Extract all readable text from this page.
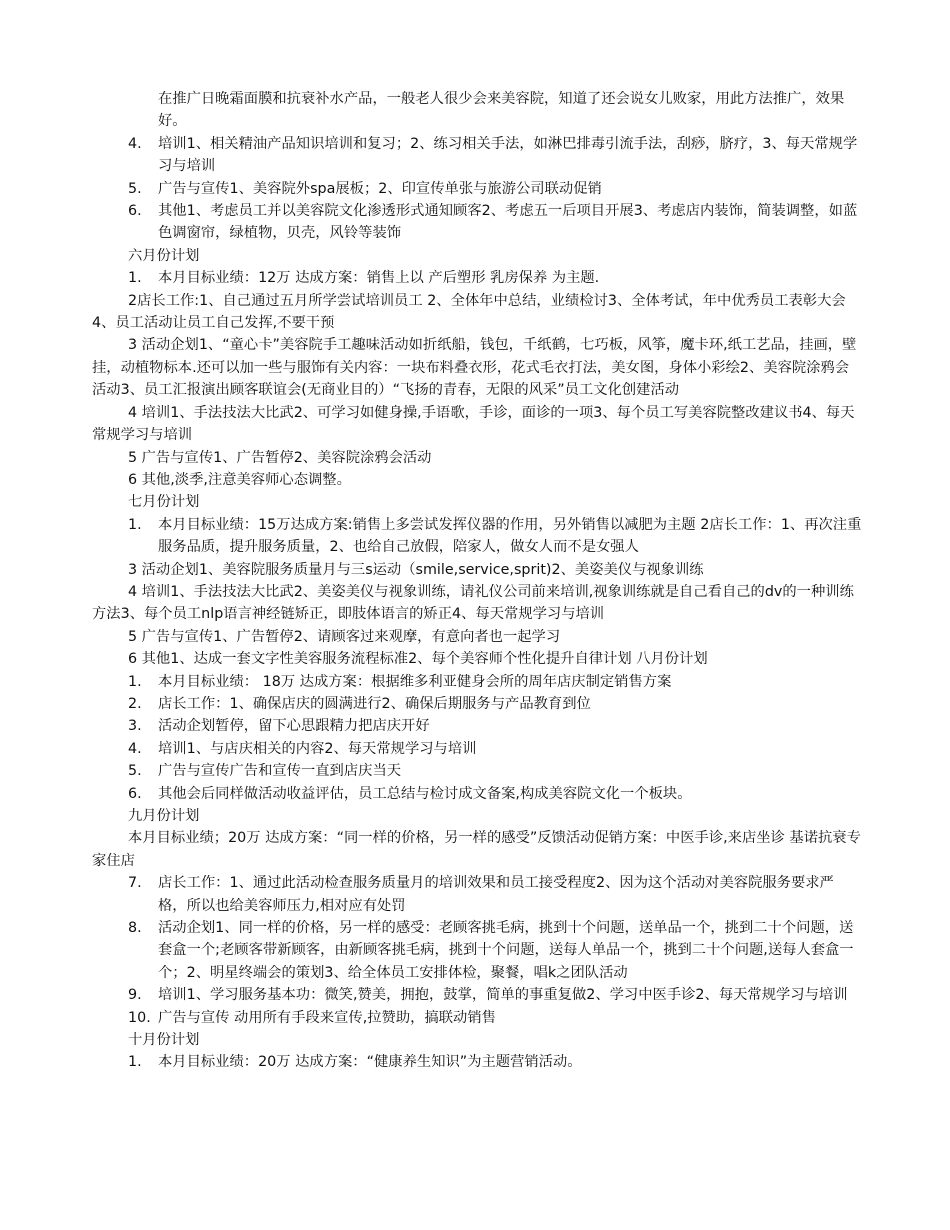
在推广日晚霜面膜和抗衰补水产品，一般老人很少会来美容院，知道了还会说女儿败家，用此方法推广，效果好。

4. 培训1、相关精油产品知识培训和复习；2、练习相关手法，如淋巴排毒引流手法，刮痧，脐疗，3、每天常规学习与培训

5. 广告与宣传1、美容院外spa展板；2、印宣传单张与旅游公司联动促销

6. 其他1、考虑员工并以美容院文化渗透形式通知顾客2、考虑五一后项目开展3、考虑店内装饰，简装调整，如蓝色调窗帘，绿植物，贝壳，风铃等装饰

六月份计划

1. 本月目标业绩：12万 达成方案：销售上以 产后塑形 乳房保养 为主题.

2店长工作:1、自己通过五月所学尝试培训员工 2、全体年中总结，业绩检讨3、全体考试，年中优秀员工表彰大会4、员工活动让员工自己发挥,不要干预

3 活动企划1、“童心卡”美容院手工趣味活动如折纸船，钱包，千纸鹤，七巧板，风筝，魔卡环,纸工艺品，挂画，壁挂，动植物标本.还可以加一些与服饰有关内容：一块布料叠衣形，花式毛衣打法，美女图，身体小彩绘2、美容院涂鸦会活动3、员工汇报演出顾客联谊会(无商业目的）“飞扬的青春，无限的风采”员工文化创建活动

4 培训1、手法技法大比武2、可学习如健身操,手语歌，手诊，面诊的一项3、每个员工写美容院整改建议书4、每天常规学习与培训

5 广告与宣传1、广告暂停2、美容院涂鸦会活动

6 其他,淡季,注意美容师心态调整。

七月份计划

1. 本月目标业绩：15万达成方案:销售上多尝试发挥仪器的作用，另外销售以减肥为主题 2店长工作：1、再次注重服务品质，提升服务质量，2、也给自己放假，陪家人，做女人而不是女强人

3 活动企划1、美容院服务质量月与三s运动（smile,service,sprit)2、美姿美仪与视象训练

4 培训1、手法技法大比武2、美姿美仪与视象训练，请礼仪公司前来培训,视象训练就是自己看自己的dv的一种训练方法3、每个员工nlp语言神经链矫正，即肢体语言的矫正4、每天常规学习与培训

5 广告与宣传1、广告暂停2、请顾客过来观摩，有意向者也一起学习

6 其他1、达成一套文字性美容服务流程标准2、每个美容师个性化提升自律计划 八月份计划

1. 本月目标业绩： 18万 达成方案：根据维多利亚健身会所的周年店庆制定销售方案

2. 店长工作：1、确保店庆的圆满进行2、确保后期服务与产品教育到位

3. 活动企划暂停，留下心思跟精力把店庆开好

4. 培训1、与店庆相关的内容2、每天常规学习与培训

5. 广告与宣传广告和宣传一直到店庆当天

6. 其他会后同样做活动收益评估，员工总结与检讨成文备案,构成美容院文化一个板块。

九月份计划

本月目标业绩；20万 达成方案：“同一样的价格，另一样的感受”反馈活动促销方案：中医手诊,来店坐诊 基诺抗衰专家住店

7. 店长工作：1、通过此活动检查服务质量月的培训效果和员工接受程度2、因为这个活动对美容院服务要求严格，所以也给美容师压力,相对应有处罚

8. 活动企划1、同一样的价格，另一样的感受：老顾客挑毛病，挑到十个问题，送单品一个，挑到二十个问题，送套盒一个;老顾客带新顾客，由新顾客挑毛病，挑到十个问题，送每人单品一个，挑到二十个问题,送每人套盒一个；2、明星终端会的策划3、给全体员工安排体检，聚餐，唱k之团队活动

9. 培训1、学习服务基本功：微笑,赞美，拥抱，鼓掌，简单的事重复做2、学习中医手诊2、每天常规学习与培训

10. 广告与宣传 动用所有手段来宣传,拉赞助，搞联动销售

十月份计划

1. 本月目标业绩：20万 达成方案：“健康养生知识”为主题营销活动。
